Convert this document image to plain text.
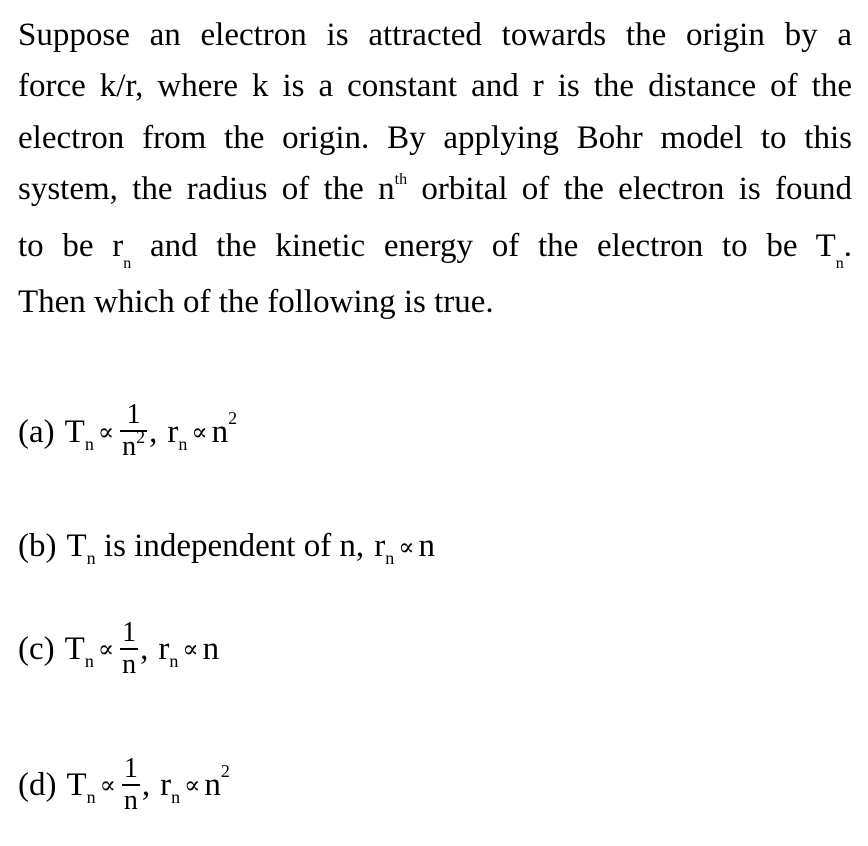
Suppose an electron is attracted towards the origin by a
force k/r, where k is a constant and r is the distance of the
electron from the origin. By applying Bohr model to this
system, the radius of the $n^{th}$ orbital of the electron is found
to be $r_n$ and the kinetic energy of the electron to be $T_n$.
Then which of the following is true.
(a) T $n \propto \frac{1}{n^2}$ , r n ∝ n 2
(b) T n is independent of n, r n ∝ n
(c) T $n \propto \frac{1}{n}$ , r n ∝ n
(d) T $n \propto \frac{1}{n}$ , r n ∝ n 2
